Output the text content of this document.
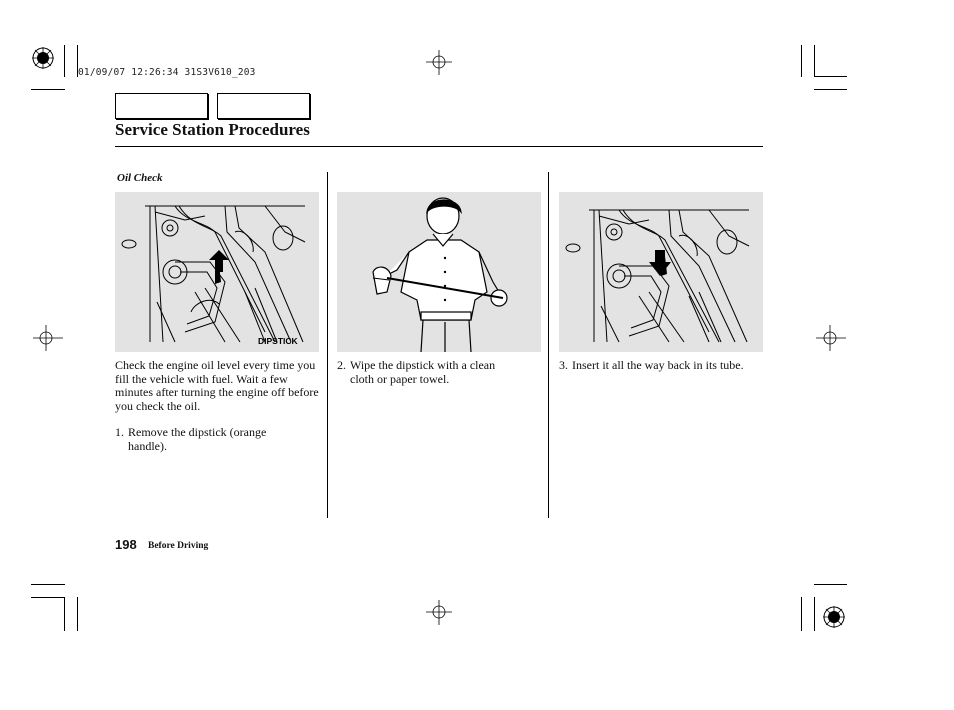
01/09/07 12:26:34 31S3V610_203
Service Station Procedures
Oil Check
DIPSTICK

Check the engine oil level every time you fill the vehicle with fuel. Wait a few minutes after turning the engine off before you check the oil.

1. Remove the dipstick (orange
handle).
2. Wipe the dipstick with a clean
cloth or paper towel.
3. Insert it all the way back in its tube.
198 Before Driving
